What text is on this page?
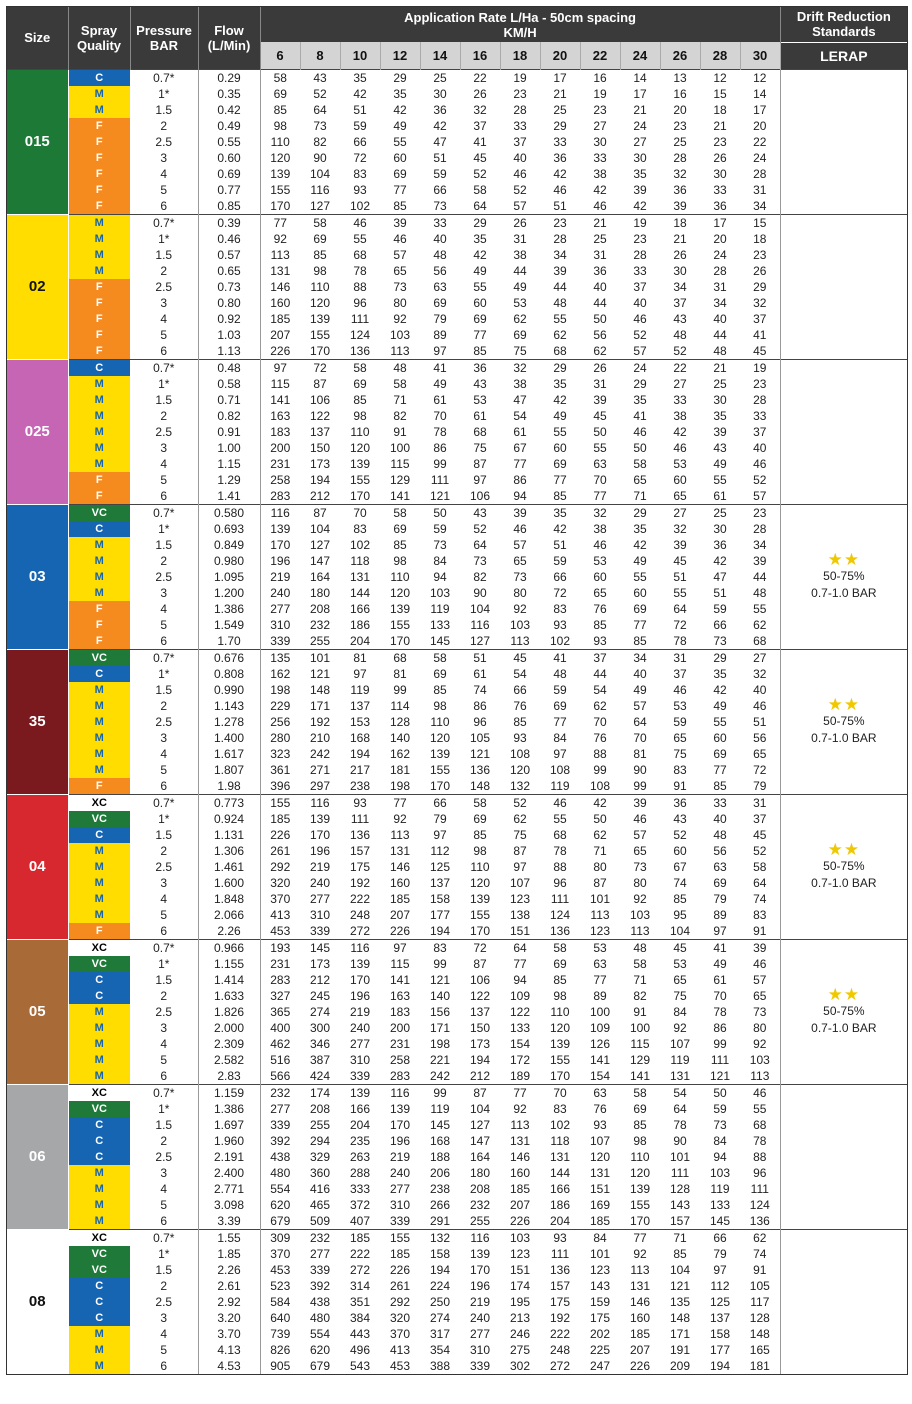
Size	Spray Quality	Pressure BAR	Flow (L/Min)	Application Rate L/Ha - 50cm spacing
KM/H													Drift Reduction Standards
				6	8	10	12	14	16	18	20	22	24	26	28	30	LERAP
015	C	0.7*	0.29	58	43	35	29	25	22	19	17	16	14	13	12	12	
	M	1*	0.35	69	52	42	35	30	26	23	21	19	17	16	15	14	
	M	1.5	0.42	85	64	51	42	36	32	28	25	23	21	20	18	17	
	F	2	0.49	98	73	59	49	42	37	33	29	27	24	23	21	20	
	F	2.5	0.55	110	82	66	55	47	41	37	33	30	27	25	23	22	
	F	3	0.60	120	90	72	60	51	45	40	36	33	30	28	26	24	
	F	4	0.69	139	104	83	69	59	52	46	42	38	35	32	30	28	
	F	5	0.77	155	116	93	77	66	58	52	46	42	39	36	33	31	
	F	6	0.85	170	127	102	85	73	64	57	51	46	42	39	36	34	
02	M	0.7*	0.39	77	58	46	39	33	29	26	23	21	19	18	17	15	
	M	1*	0.46	92	69	55	46	40	35	31	28	25	23	21	20	18	
	M	1.5	0.57	113	85	68	57	48	42	38	34	31	28	26	24	23	
	M	2	0.65	131	98	78	65	56	49	44	39	36	33	30	28	26	
	F	2.5	0.73	146	110	88	73	63	55	49	44	40	37	34	31	29	
	F	3	0.80	160	120	96	80	69	60	53	48	44	40	37	34	32	
	F	4	0.92	185	139	111	92	79	69	62	55	50	46	43	40	37	
	F	5	1.03	207	155	124	103	89	77	69	62	56	52	48	44	41	
	F	6	1.13	226	170	136	113	97	85	75	68	62	57	52	48	45	
025	C	0.7*	0.48	97	72	58	48	41	36	32	29	26	24	22	21	19	
	M	1*	0.58	115	87	69	58	49	43	38	35	31	29	27	25	23	
	M	1.5	0.71	141	106	85	71	61	53	47	42	39	35	33	30	28	
	M	2	0.82	163	122	98	82	70	61	54	49	45	41	38	35	33	
	M	2.5	0.91	183	137	110	91	78	68	61	55	50	46	42	39	37	
	M	3	1.00	200	150	120	100	86	75	67	60	55	50	46	43	40	
	M	4	1.15	231	173	139	115	99	87	77	69	63	58	53	49	46	
	F	5	1.29	258	194	155	129	111	97	86	77	70	65	60	55	52	
	F	6	1.41	283	212	170	141	121	106	94	85	77	71	65	61	57	
03	VC	0.7*	0.580	116	87	70	58	50	43	39	35	32	29	27	25	23	★★
50-75%
0.7-1.0 BAR

	C	1*	0.693	139	104	83	69	59	52	46	42	38	35	32	30	28	
	M	1.5	0.849	170	127	102	85	73	64	57	51	46	42	39	36	34	
	M	2	0.980	196	147	118	98	84	73	65	59	53	49	45	42	39	
	M	2.5	1.095	219	164	131	110	94	82	73	66	60	55	51	47	44	
	M	3	1.200	240	180	144	120	103	90	80	72	65	60	55	51	48	
	F	4	1.386	277	208	166	139	119	104	92	83	76	69	64	59	55	
	F	5	1.549	310	232	186	155	133	116	103	93	85	77	72	66	62	
	F	6	1.70	339	255	204	170	145	127	113	102	93	85	78	73	68	
35	VC	0.7*	0.676	135	101	81	68	58	51	45	41	37	34	31	29	27	★★
50-75%
0.7-1.0 BAR

	C	1*	0.808	162	121	97	81	69	61	54	48	44	40	37	35	32	
	M	1.5	0.990	198	148	119	99	85	74	66	59	54	49	46	42	40	
	M	2	1.143	229	171	137	114	98	86	76	69	62	57	53	49	46	
	M	2.5	1.278	256	192	153	128	110	96	85	77	70	64	59	55	51	
	M	3	1.400	280	210	168	140	120	105	93	84	76	70	65	60	56	
	M	4	1.617	323	242	194	162	139	121	108	97	88	81	75	69	65	
	M	5	1.807	361	271	217	181	155	136	120	108	99	90	83	77	72	
	F	6	1.98	396	297	238	198	170	148	132	119	108	99	91	85	79	
04	XC	0.7*	0.773	155	116	93	77	66	58	52	46	42	39	36	33	31	★★
50-75%
0.7-1.0 BAR

	VC	1*	0.924	185	139	111	92	79	69	62	55	50	46	43	40	37	
	C	1.5	1.131	226	170	136	113	97	85	75	68	62	57	52	48	45	
	M	2	1.306	261	196	157	131	112	98	87	78	71	65	60	56	52	
	M	2.5	1.461	292	219	175	146	125	110	97	88	80	73	67	63	58	
	M	3	1.600	320	240	192	160	137	120	107	96	87	80	74	69	64	
	M	4	1.848	370	277	222	185	158	139	123	111	101	92	85	79	74	
	M	5	2.066	413	310	248	207	177	155	138	124	113	103	95	89	83	
	F	6	2.26	453	339	272	226	194	170	151	136	123	113	104	97	91	
05	XC	0.7*	0.966	193	145	116	97	83	72	64	58	53	48	45	41	39	★★
50-75%
0.7-1.0 BAR

	VC	1*	1.155	231	173	139	115	99	87	77	69	63	58	53	49	46	
	C	1.5	1.414	283	212	170	141	121	106	94	85	77	71	65	61	57	
	C	2	1.633	327	245	196	163	140	122	109	98	89	82	75	70	65	
	M	2.5	1.826	365	274	219	183	156	137	122	110	100	91	84	78	73	
	M	3	2.000	400	300	240	200	171	150	133	120	109	100	92	86	80	
	M	4	2.309	462	346	277	231	198	173	154	139	126	115	107	99	92	
	M	5	2.582	516	387	310	258	221	194	172	155	141	129	119	111	103	
	M	6	2.83	566	424	339	283	242	212	189	170	154	141	131	121	113	
06	XC	0.7*	1.159	232	174	139	116	99	87	77	70	63	58	54	50	46	
	VC	1*	1.386	277	208	166	139	119	104	92	83	76	69	64	59	55	
	C	1.5	1.697	339	255	204	170	145	127	113	102	93	85	78	73	68	
	C	2	1.960	392	294	235	196	168	147	131	118	107	98	90	84	78	
	C	2.5	2.191	438	329	263	219	188	164	146	131	120	110	101	94	88	
	M	3	2.400	480	360	288	240	206	180	160	144	131	120	111	103	96	
	M	4	2.771	554	416	333	277	238	208	185	166	151	139	128	119	111	
	M	5	3.098	620	465	372	310	266	232	207	186	169	155	143	133	124	
	M	6	3.39	679	509	407	339	291	255	226	204	185	170	157	145	136	
08	XC	0.7*	1.55	309	232	185	155	132	116	103	93	84	77	71	66	62	
	VC	1*	1.85	370	277	222	185	158	139	123	111	101	92	85	79	74	
	VC	1.5	2.26	453	339	272	226	194	170	151	136	123	113	104	97	91	
	C	2	2.61	523	392	314	261	224	196	174	157	143	131	121	112	105	
	C	2.5	2.92	584	438	351	292	250	219	195	175	159	146	135	125	117	
	C	3	3.20	640	480	384	320	274	240	213	192	175	160	148	137	128	
	M	4	3.70	739	554	443	370	317	277	246	222	202	185	171	158	148	
	M	5	4.13	826	620	496	413	354	310	275	248	225	207	191	177	165	
	M	6	4.53	905	679	543	453	388	339	302	272	247	226	209	194	181	
